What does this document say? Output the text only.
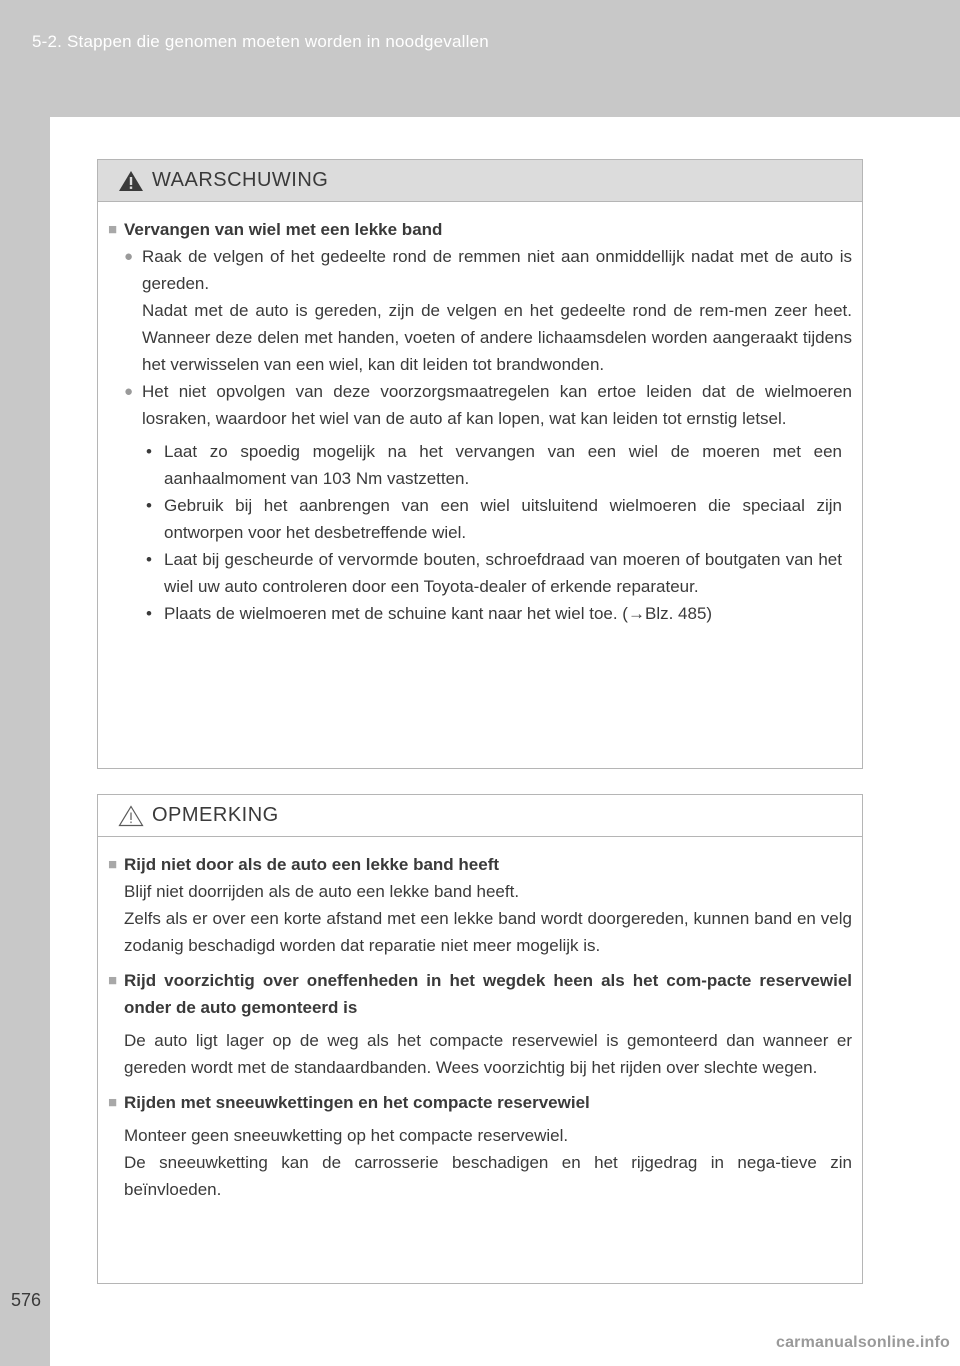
5-2. Stappen die genomen moeten worden in noodgevallen
WAARSCHUWING
■ Vervangen van wiel met een lekke band
● Raak de velgen of het gedeelte rond de remmen niet aan onmiddellijk nadat met de auto is gereden.
Nadat met de auto is gereden, zijn de velgen en het gedeelte rond de rem-men zeer heet. Wanneer deze delen met handen, voeten of andere lichaamsdelen worden aangeraakt tijdens het verwisselen van een wiel, kan dit leiden tot brandwonden.
● Het niet opvolgen van deze voorzorgsmaatregelen kan ertoe leiden dat de wielmoeren losraken, waardoor het wiel van de auto af kan lopen, wat kan leiden tot ernstig letsel.
• Laat zo spoedig mogelijk na het vervangen van een wiel de moeren met een aanhaalmoment van 103 Nm vastzetten.
• Gebruik bij het aanbrengen van een wiel uitsluitend wielmoeren die speciaal zijn ontworpen voor het desbetreffende wiel.
• Laat bij gescheurde of vervormde bouten, schroefdraad van moeren of boutgaten van het wiel uw auto controleren door een Toyota-dealer of erkende reparateur.
• Plaats de wielmoeren met de schuine kant naar het wiel toe. (→Blz. 485)
OPMERKING
■ Rijd niet door als de auto een lekke band heeft
Blijf niet doorrijden als de auto een lekke band heeft.
Zelfs als er over een korte afstand met een lekke band wordt doorgereden, kunnen band en velg zodanig beschadigd worden dat reparatie niet meer mogelijk is.
■ Rijd voorzichtig over oneffenheden in het wegdek heen als het com-pacte reservewiel onder de auto gemonteerd is
De auto ligt lager op de weg als het compacte reservewiel is gemonteerd dan wanneer er gereden wordt met de standaardbanden. Wees voorzichtig bij het rijden over slechte wegen.
■ Rijden met sneeuwkettingen en het compacte reservewiel
Monteer geen sneeuwketting op het compacte reservewiel.
De sneeuwketting kan de carrosserie beschadigen en het rijgedrag in nega-tieve zin beïnvloeden.
576
carmanualsonline.info
